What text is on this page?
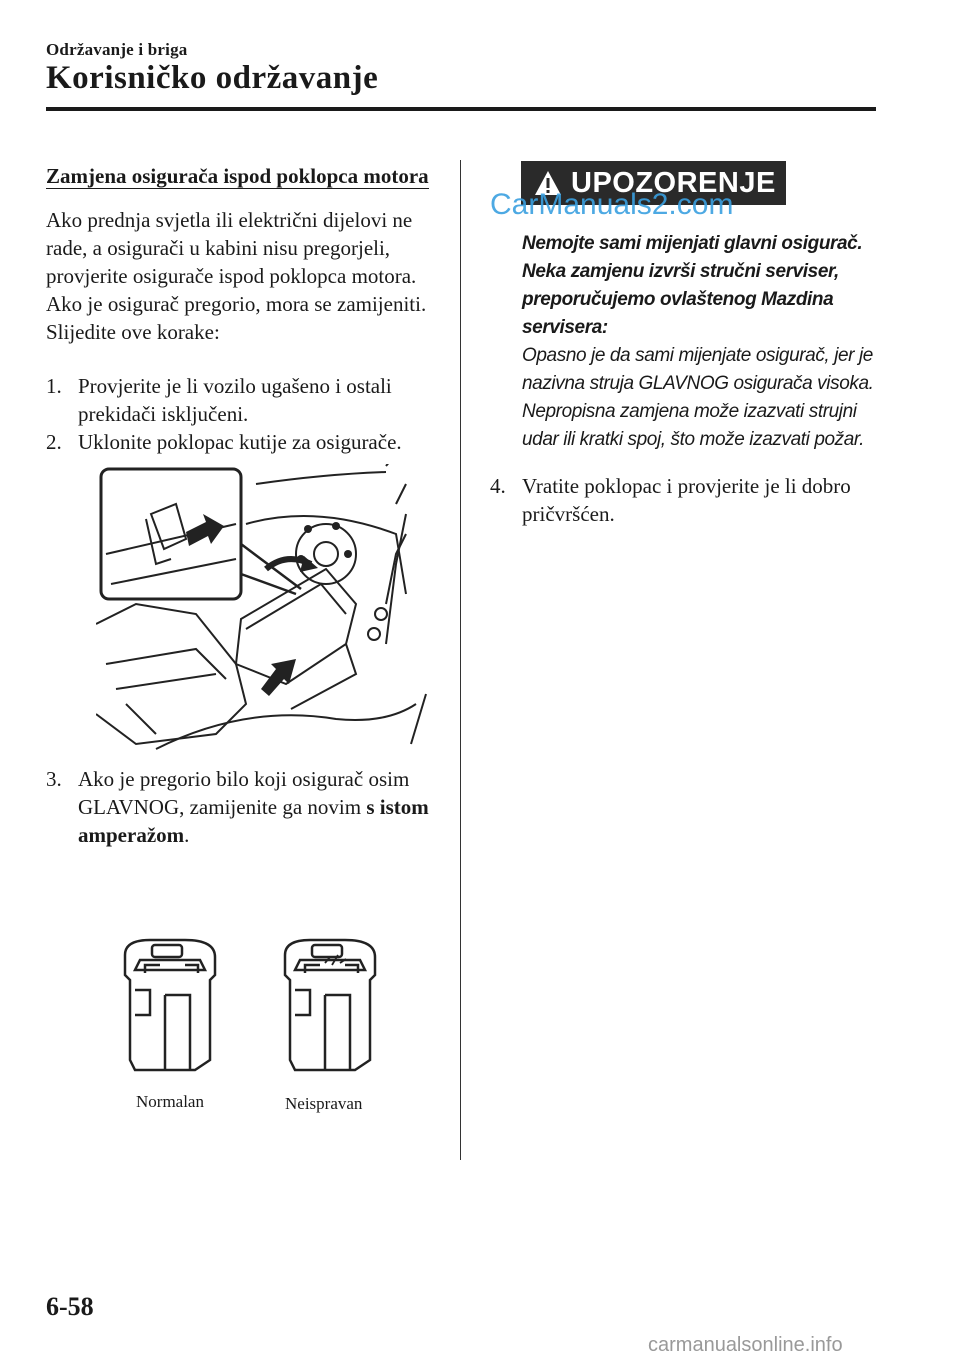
Održavanje i briga
Korisničko održavanje
Zamjena osigurača ispod poklopca motora

Ako prednja svjetla ili električni dijelovi ne rade, a osigurači u kabini nisu pregorjeli, provjerite osigurače ispod poklopca motora.

Ako je osigurač pregorio, mora se zamijeniti. Slijedite ove korake:

1. Provjerite je li vozilo ugašeno i ostali prekidači isključeni.
2. Uklonite poklopac kutije za osigurače.
3. Ako je pregorio bilo koji osigurač osim GLAVNOG, zamijenite ga novim s istom amperažom.
Normalan	Neispravan
UPOZORENJE
CarManuals2.com
Nemojte sami mijenjati glavni osigurač. Neka zamjenu izvrši stručni serviser, preporučujemo ovlaštenog Mazdina servisera:
Opasno je da sami mijenjate osigurač, jer je nazivna struja GLAVNOG osigurača visoka. Nepropisna zamjena može izazvati strujni udar ili kratki spoj, što može izazvati požar.
4. Vratite poklopac i provjerite je li dobro pričvršćen.
6-58
carmanualsonline.info
